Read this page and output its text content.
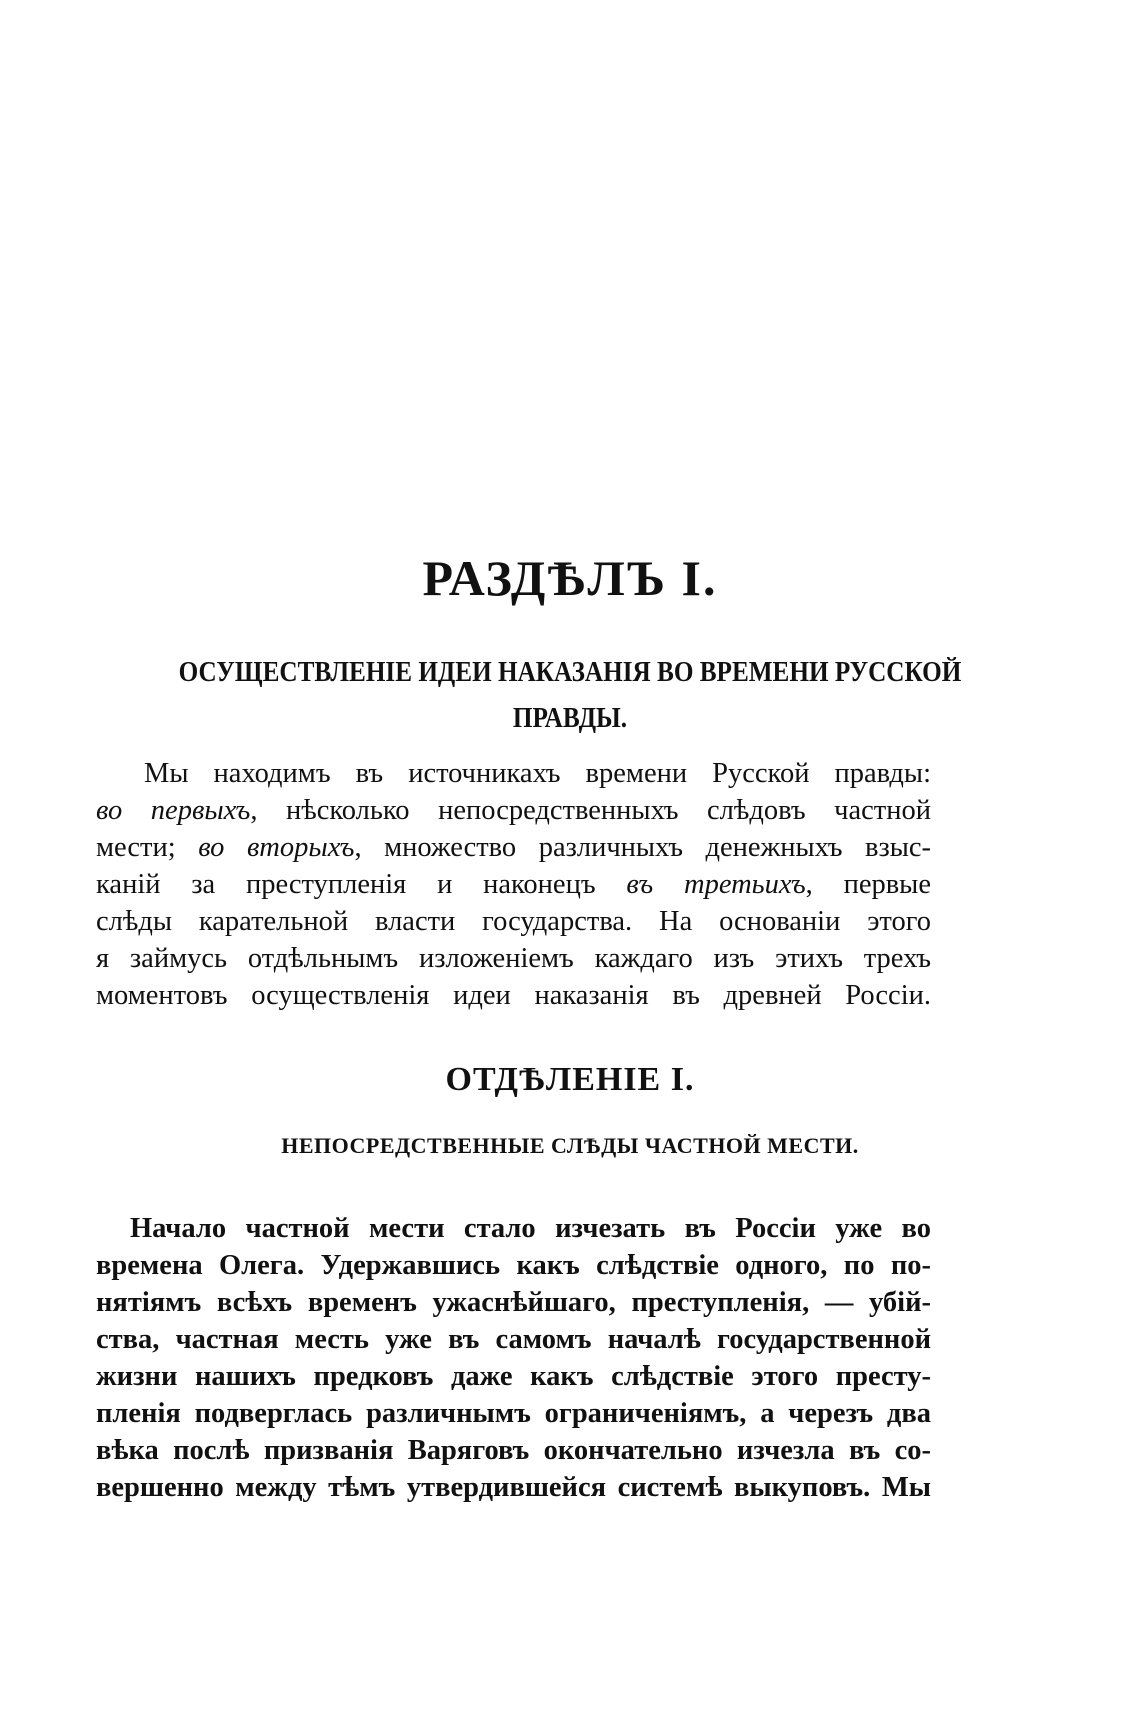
РАЗДѢЛЪ I.
ОСУЩЕСТВЛЕНІЕ ИДЕИ НАКАЗАНІЯ ВО ВРЕМЕНИ РУССКОЙ
ПРАВДЫ.

Мы находимъ въ источникахъ времени Русской правды:
во первыхъ, нѣсколько непосредственныхъ слѣдовъ частной
мести; во вторыхъ, множество различныхъ денежныхъ взыс-
каній за преступленія и наконецъ въ третьихъ, первые
слѣды карательной власти государства. На основаніи этого
я займусь отдѣльнымъ изложеніемъ каждаго изъ этихъ трехъ
моментовъ осуществленія идеи наказанія въ древней Россіи.

ОТДѢЛЕНІЕ I.
НЕПОСРЕДСТВЕННЫЕ СЛѢДЫ ЧАСТНОЙ МЕСТИ.

Начало частной мести стало изчезать въ Россіи уже во
времена Олега. Удержавшись какъ слѣдствіе одного, по по-
нятіямъ всѣхъ временъ ужаснѣйшаго, преступленія, — убій-
ства, частная месть уже въ самомъ началѣ государственной
жизни нашихъ предковъ даже какъ слѣдствіе этого престу-
пленія подверглась различнымъ ограниченіямъ, а черезъ два
вѣка послѣ призванія Варяговъ окончательно изчезла въ со-
вершенно между тѣмъ утвердившейся системѣ выкуповъ. Мы
